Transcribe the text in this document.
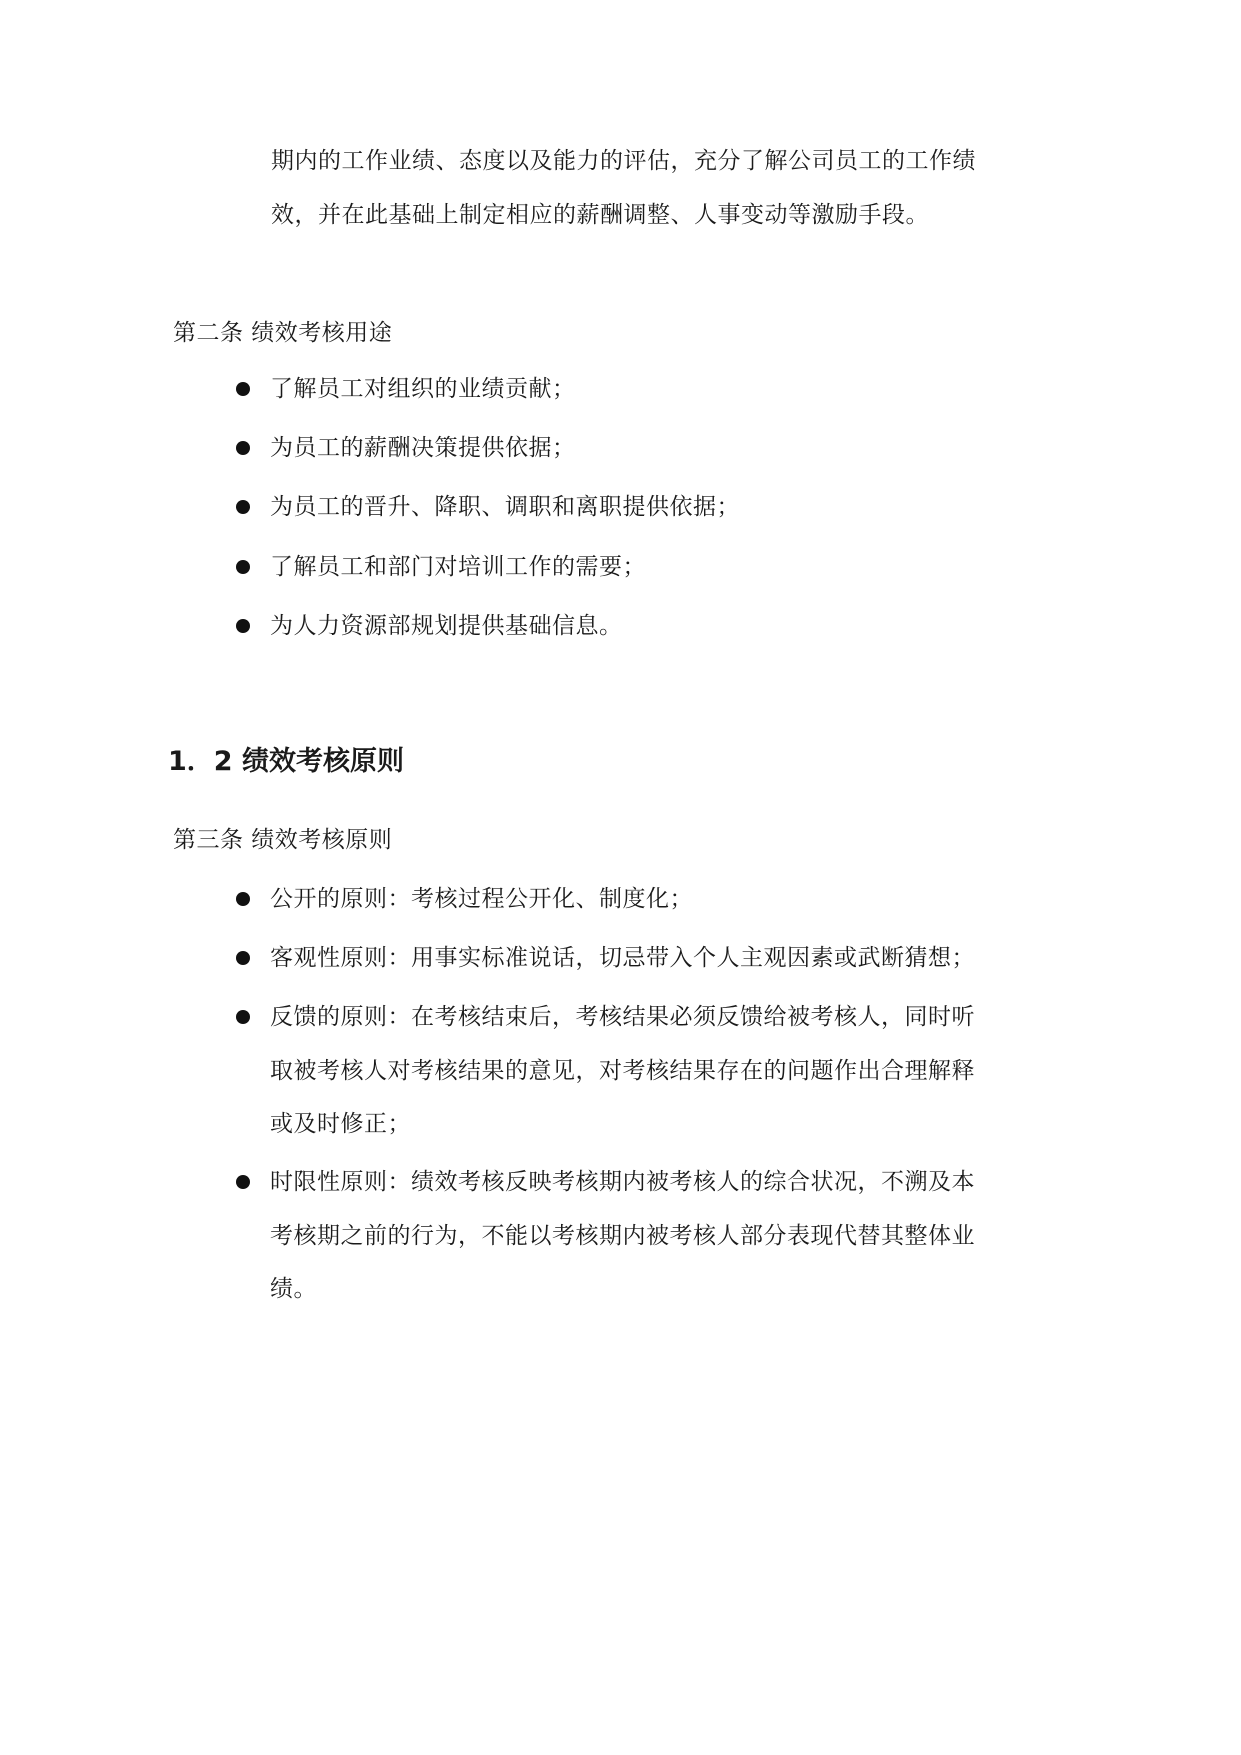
期内的工作业绩、态度以及能力的评估，充分了解公司员工的工作绩
效，并在此基础上制定相应的薪酬调整、人事变动等激励手段。
第二条 绩效考核用途
了解员工对组织的业绩贡献；
为员工的薪酬决策提供依据；
为员工的晋升、降职、调职和离职提供依据；
了解员工和部门对培训工作的需要；
为人力资源部规划提供基础信息。
1．2 绩效考核原则
第三条 绩效考核原则
公开的原则：考核过程公开化、制度化；
客观性原则：用事实标准说话，切忌带入个人主观因素或武断猜想；
反馈的原则：在考核结束后，考核结果必须反馈给被考核人，同时听
取被考核人对考核结果的意见，对考核结果存在的问题作出合理解释
或及时修正；
时限性原则：绩效考核反映考核期内被考核人的综合状况，不溯及本
考核期之前的行为，不能以考核期内被考核人部分表现代替其整体业
绩。
